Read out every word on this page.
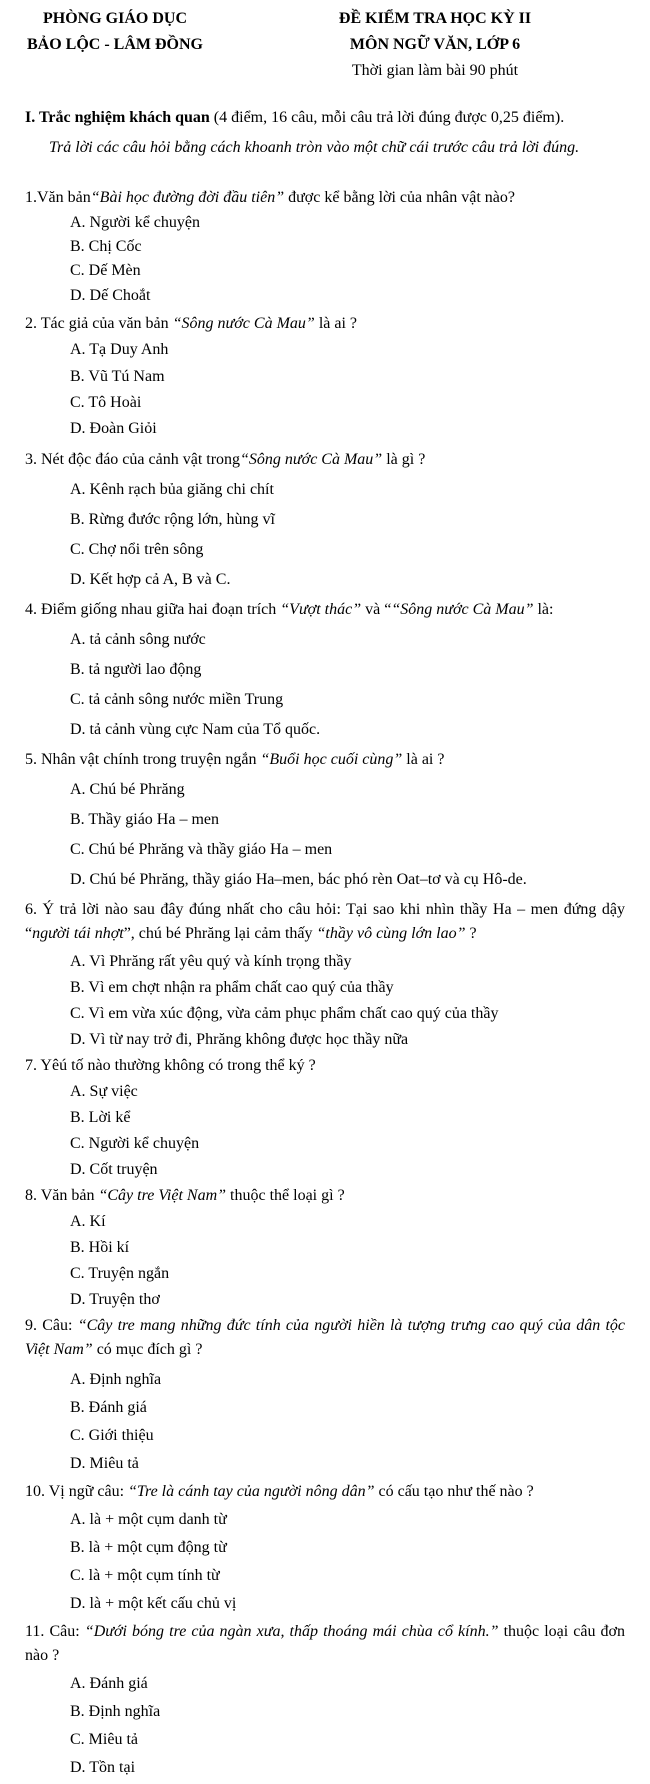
PHÒNG GIÁO DỤC
BẢO LỘC - LÂM ĐỒNG
ĐỀ KIỂM TRA HỌC KỲ II
MÔN NGỮ VĂN, LỚP 6
Thời gian làm bài 90 phút
I. Trắc nghiệm khách quan (4 điểm, 16 câu, mỗi câu trả lời đúng được 0,25 điểm).
Trả lời các câu hỏi bằng cách khoanh tròn vào một chữ cái trước câu trả lời đúng.
1.Văn bản“Bài học đường đời đầu tiên” được kể bằng lời của nhân vật nào?
A. Người kể chuyện
B. Chị Cốc
C. Dế Mèn
D. Dế Choắt
2. Tác giả của văn bản “Sông nước Cà Mau” là ai ?
A. Tạ Duy Anh
B. Vũ Tú Nam
C. Tô Hoài
D. Đoàn Giỏi
3. Nét độc đáo của cảnh vật trong“Sông nước Cà Mau” là gì ?
A. Kênh rạch bủa giăng chi chít
B. Rừng đước rộng lớn, hùng vĩ
C. Chợ nổi trên sông
D. Kết hợp cả A, B và C.
4. Điểm giống nhau giữa hai đoạn trích “Vượt thác” và ““Sông nước Cà Mau” là:
A. tả cảnh sông nước
B. tả người lao động
C. tả cảnh sông nước miền Trung
D. tả cảnh vùng cực Nam của Tổ quốc.
5. Nhân vật chính trong truyện ngắn “Buổi học cuối cùng” là ai ?
A. Chú bé Phrăng
B. Thầy giáo Ha – men
C. Chú bé Phrăng và thầy giáo Ha – men
D. Chú bé Phrăng, thầy giáo Ha–men, bác phó rèn Oat–tơ và cụ Hô-de.
6. Ý trả lời nào sau đây đúng nhất cho câu hỏi: Tại sao khi nhìn thầy Ha – men đứng dậy “người tái nhợt”, chú bé Phrăng lại cảm thấy “thầy vô cùng lớn lao” ?
A. Vì Phrăng rất yêu quý và kính trọng thầy
B. Vì em chợt nhận ra phẩm chất cao quý của thầy
C. Vì em vừa xúc động, vừa cảm phục phẩm chất cao quý của thầy
D. Vì từ nay trở đi, Phrăng không được học thầy nữa
7. Yêú tố nào thường không có trong thể ký ?
A. Sự việc
B. Lời kể
C. Người kể chuyện
D. Cốt truyện
8. Văn bản “Cây tre Việt Nam” thuộc thể loại gì ?
A. Kí
B. Hồi kí
C. Truyện ngắn
D. Truyện thơ
9. Câu: “Cây tre mang những đức tính của người hiền là tượng trưng cao quý của dân tộc Việt Nam” có mục đích gì ?
A. Định nghĩa
B. Đánh giá
C. Giới thiệu
D. Miêu tả
10. Vị ngữ câu: “Tre là cánh tay của người nông dân” có cấu tạo như thế nào ?
A. là + một cụm danh từ
B. là + một cụm động từ
C. là + một cụm tính từ
D. là + một kết cấu chủ vị
11. Câu: “Dưới bóng tre của ngàn xưa, thấp thoáng mái chùa cổ kính.” thuộc loại câu đơn nào ?
A. Đánh giá
B. Định nghĩa
C. Miêu tả
D. Tồn tại
